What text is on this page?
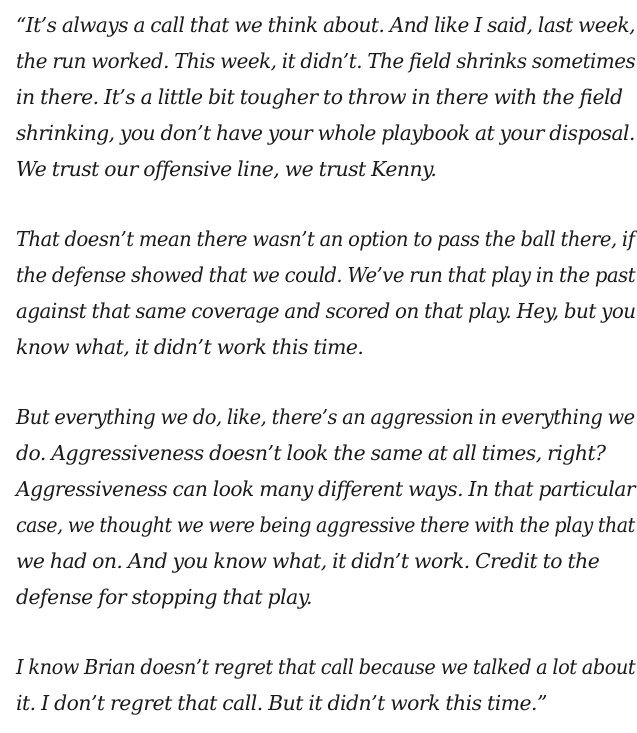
“It’s always a call that we think about. And like I said, last week,
the run worked. This week, it didn’t. The field shrinks sometimes
in there. It’s a little bit tougher to throw in there with the field
shrinking, you don’t have your whole playbook at your disposal.
We trust our offensive line, we trust Kenny.

That doesn’t mean there wasn’t an option to pass the ball there, if
the defense showed that we could. We’ve run that play in the past
against that same coverage and scored on that play. Hey, but you
know what, it didn’t work this time.

But everything we do, like, there’s an aggression in everything we
do. Aggressiveness doesn’t look the same at all times, right?
Aggressiveness can look many different ways. In that particular
case, we thought we were being aggressive there with the play that
we had on. And you know what, it didn’t work. Credit to the
defense for stopping that play.

I know Brian doesn’t regret that call because we talked a lot about
it. I don’t regret that call. But it didn’t work this time.”
